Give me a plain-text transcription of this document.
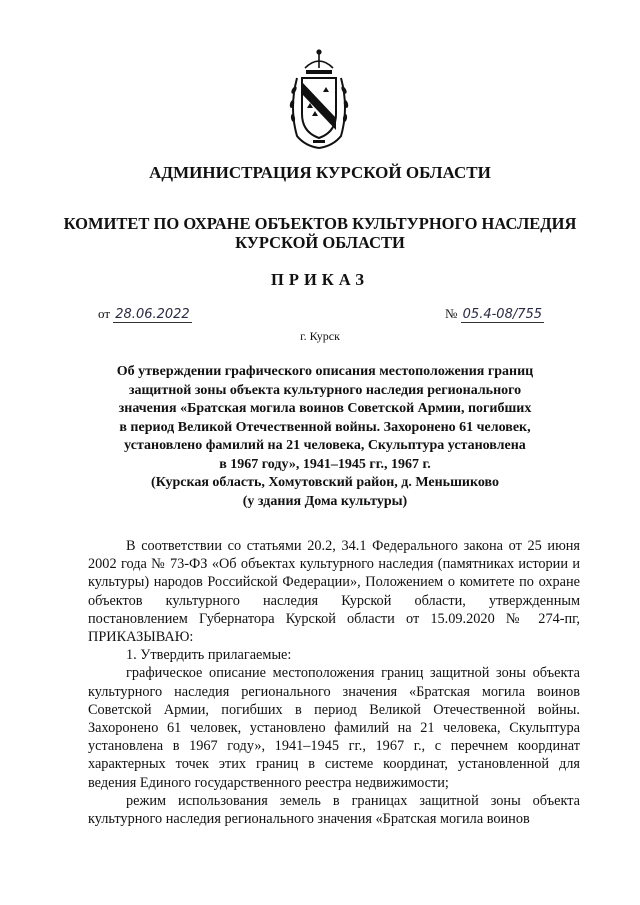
АДМИНИСТРАЦИЯ КУРСКОЙ ОБЛАСТИ
КОМИТЕТ ПО ОХРАНЕ ОБЪЕКТОВ КУЛЬТУРНОГО НАСЛЕДИЯ
КУРСКОЙ ОБЛАСТИ
ПРИКАЗ
от 28.06.2022	№ 05.4-08/755
г. Курск
Об утверждении графического описания местоположения границ
защитной зоны объекта культурного наследия регионального
значения «Братская могила воинов Советской Армии, погибших
в период Великой Отечественной войны. Захоронено 61 человек,
установлено фамилий на 21 человека, Скульптура установлена
в 1967 году», 1941–1945 гг., 1967 г.
(Курская область, Хомутовский район, д. Меньшиково
(у здания Дома культуры)

В соответствии со статьями 20.2, 34.1 Федерального закона от 25 июня 2002 года № 73-ФЗ «Об объектах культурного наследия (памятниках истории и культуры) народов Российской Федерации», Положением о комитете по охране объектов культурного наследия Курской области, утвержденным постановлением Губернатора Курской области от 15.09.2020 № 274-пг, ПРИКАЗЫВАЮ:

1. Утвердить прилагаемые:

графическое описание местоположения границ защитной зоны объекта культурного наследия регионального значения «Братская могила воинов Советской Армии, погибших в период Великой Отечественной войны. Захоронено 61 человек, установлено фамилий на 21 человека, Скульптура установлена в 1967 году», 1941–1945 гг., 1967 г., с перечнем координат характерных точек этих границ в системе координат, установленной для ведения Единого государственного реестра недвижимости;

режим использования земель в границах защитной зоны объекта культурного наследия регионального значения «Братская могила воинов
